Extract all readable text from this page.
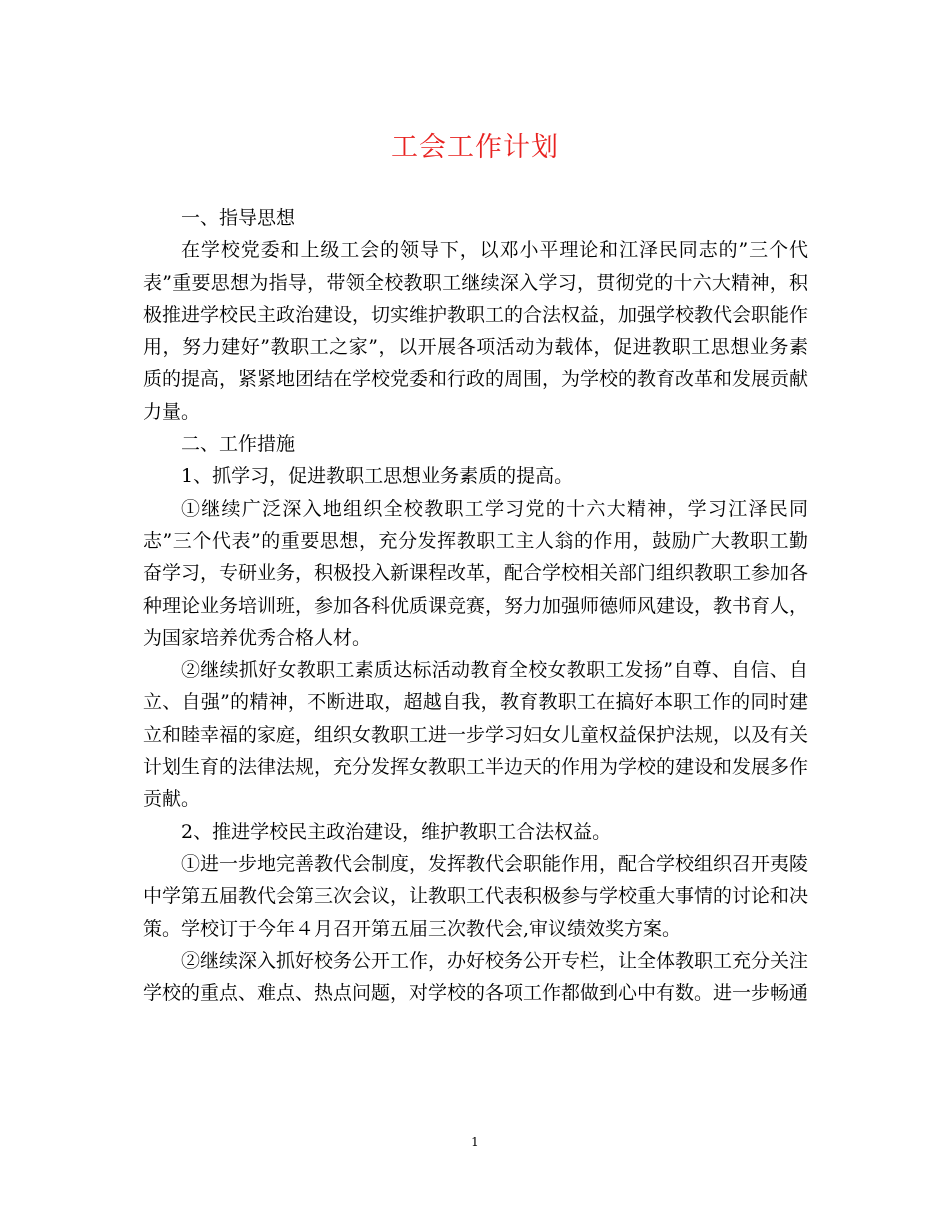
工会工作计划

一、指导思想

在学校党委和上级工会的领导下，以邓小平理论和江泽民同志的”三个代表”重要思想为指导，带领全校教职工继续深入学习，贯彻党的十六大精神，积极推进学校民主政治建设，切实维护教职工的合法权益，加强学校教代会职能作用，努力建好”教职工之家”，以开展各项活动为载体，促进教职工思想业务素质的提高，紧紧地团结在学校党委和行政的周围，为学校的教育改革和发展贡献力量。

二、工作措施

1、抓学习，促进教职工思想业务素质的提高。

①继续广泛深入地组织全校教职工学习党的十六大精神，学习江泽民同志”三个代表”的重要思想，充分发挥教职工主人翁的作用，鼓励广大教职工勤奋学习，专研业务，积极投入新课程改革，配合学校相关部门组织教职工参加各种理论业务培训班，参加各科优质课竞赛，努力加强师德师风建设，教书育人，为国家培养优秀合格人材。

②继续抓好女教职工素质达标活动教育全校女教职工发扬”自尊、自信、自立、自强”的精神，不断进取，超越自我，教育教职工在搞好本职工作的同时建立和睦幸福的家庭，组织女教职工进一步学习妇女儿童权益保护法规，以及有关计划生育的法律法规，充分发挥女教职工半边天的作用为学校的建设和发展多作贡献。

2、推进学校民主政治建设，维护教职工合法权益。

①进一步地完善教代会制度，发挥教代会职能作用，配合学校组织召开夷陵中学第五届教代会第三次会议，让教职工代表积极参与学校重大事情的讨论和决策。学校订于今年４月召开第五届三次教代会,审议绩效奖方案。

②继续深入抓好校务公开工作，办好校务公开专栏，让全体教职工充分关注学校的重点、难点、热点问题，对学校的各项工作都做到心中有数。进一步畅通

1
